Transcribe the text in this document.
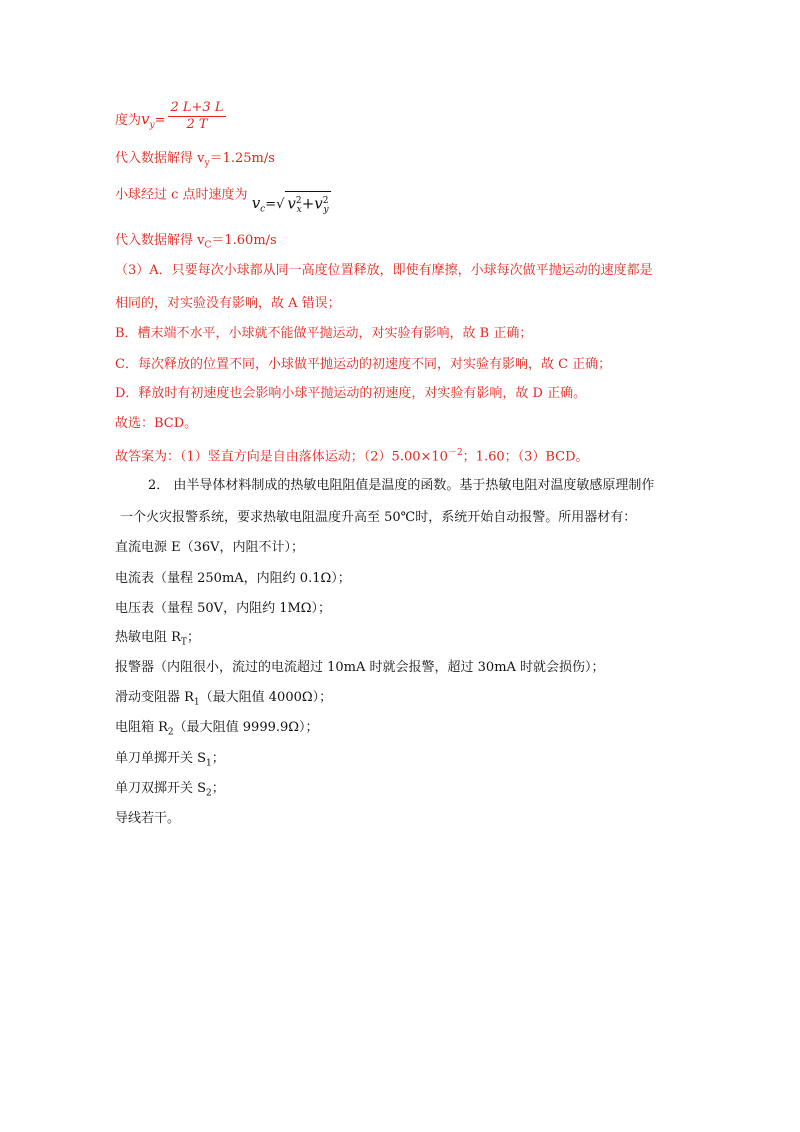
度为$v_y= \frac{2 L+3 L}{2 T}$
代入数据解得 $v_y=1.25m/s$
小球经过 c 点时速度为 $v_c=√$ $v^2_x+v^2_y$
代入数据解得 $v_C=1.60m/s$
（3）A．只要每次小球都从同一高度位置释放，即使有摩擦，小球每次做平抛运动的速度都是
相同的，对实验没有影响，故 A 错误；
B．槽末端不水平，小球就不能做平抛运动，对实验有影响，故 B 正确；
C．每次释放的位置不同，小球做平抛运动的初速度不同，对实验有影响，故 C 正确；
D．释放时有初速度也会影响小球平抛运动的初速度，对实验有影响，故 D 正确。
故选：BCD。
故答案为：（1）竖直方向是自由落体运动；$(2)5.00\times 10^{-2}$；1.60；（3）BCD。
2． 由半导体材料制成的热敏电阻阻值是温度的函数。基于热敏电阻对温度敏感原理制作
一个火灾报警系统，要求热敏电阻温度升高至 50℃时，系统开始自动报警。所用器材有：
直流电源 E（36V，内阻不计）；
电流表（量程 250mA，内阻约 0.1Ω）；
电压表（量程 50V，内阻约 1MΩ）；
热敏电阻 $R_T$；
报警器（内阻很小，流过的电流超过 10mA 时就会报警，超过 30mA 时就会损伤）；
滑动变阻器 $R_1$（最大阻值 4000Ω）；
电阻箱 $R_2$（最大阻值 9999.9Ω）；
单刀单掷开关 $S_1$；
单刀双掷开关 $S_2$；
导线若干。
